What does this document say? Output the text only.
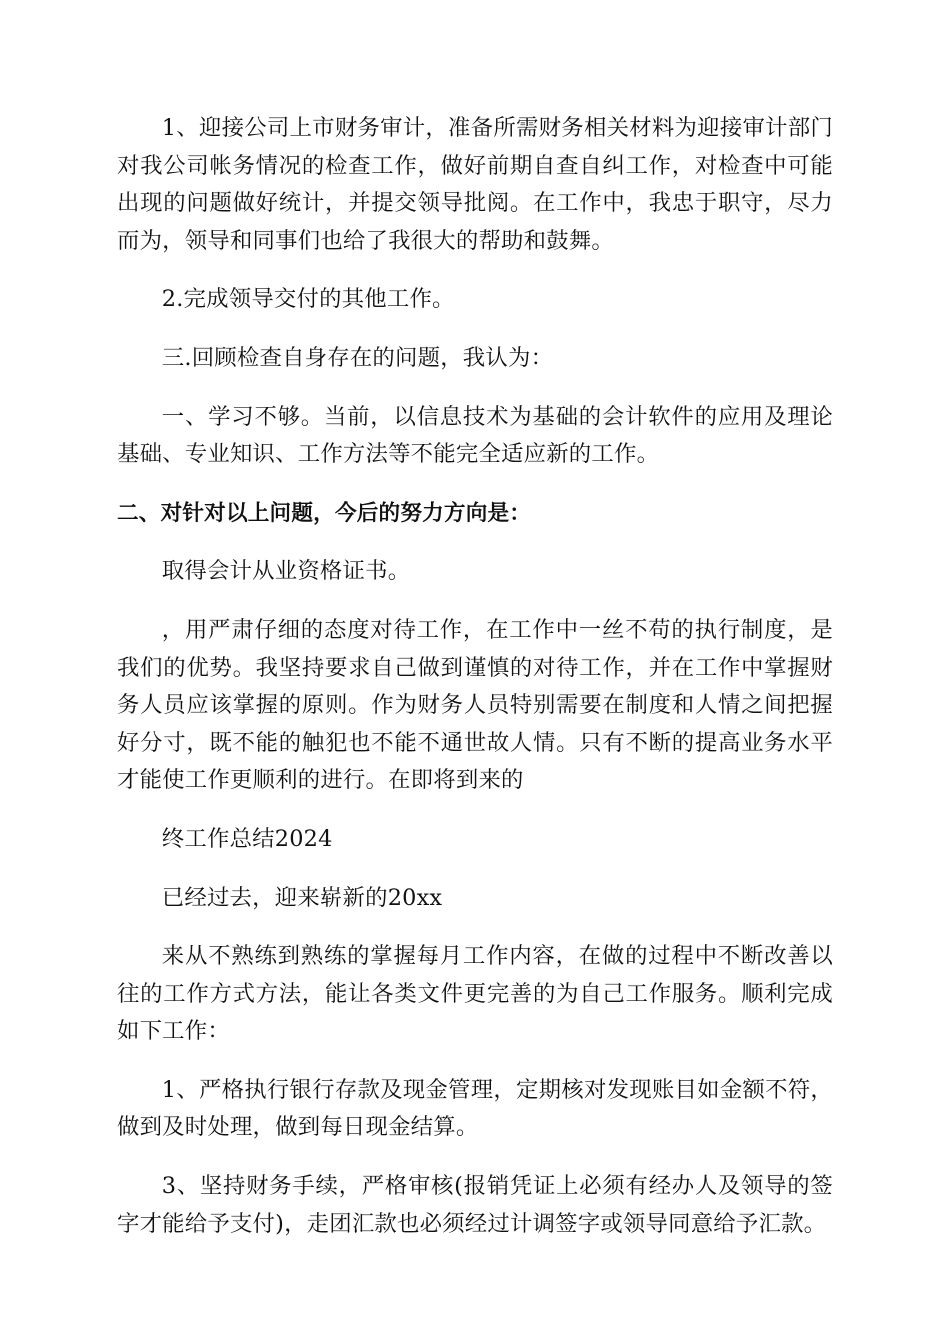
1、迎接公司上市财务审计，准备所需财务相关材料为迎接审计部门对我公司帐务情况的检查工作，做好前期自查自纠工作，对检查中可能出现的问题做好统计，并提交领导批阅。在工作中，我忠于职守，尽力而为，领导和同事们也给了我很大的帮助和鼓舞。

2.完成领导交付的其他工作。

三.回顾检查自身存在的问题，我认为：

一、学习不够。当前，以信息技术为基础的会计软件的应用及理论基础、专业知识、工作方法等不能完全适应新的工作。

二、对针对以上问题，今后的努力方向是：

取得会计从业资格证书。

，用严肃仔细的态度对待工作，在工作中一丝不苟的执行制度，是我们的优势。我坚持要求自己做到谨慎的对待工作，并在工作中掌握财务人员应该掌握的原则。作为财务人员特别需要在制度和人情之间把握好分寸，既不能的触犯也不能不通世故人情。只有不断的提高业务水平才能使工作更顺利的进行。在即将到来的

终工作总结2024

已经过去，迎来崭新的20xx

来从不熟练到熟练的掌握每月工作内容，在做的过程中不断改善以往的工作方式方法，能让各类文件更完善的为自己工作服务。顺利完成如下工作：

1、严格执行银行存款及现金管理，定期核对发现账目如金额不符，做到及时处理，做到每日现金结算。

3、坚持财务手续，严格审核(报销凭证上必须有经办人及领导的签字才能给予支付)，走团汇款也必须经过计调签字或领导同意给予汇款。
